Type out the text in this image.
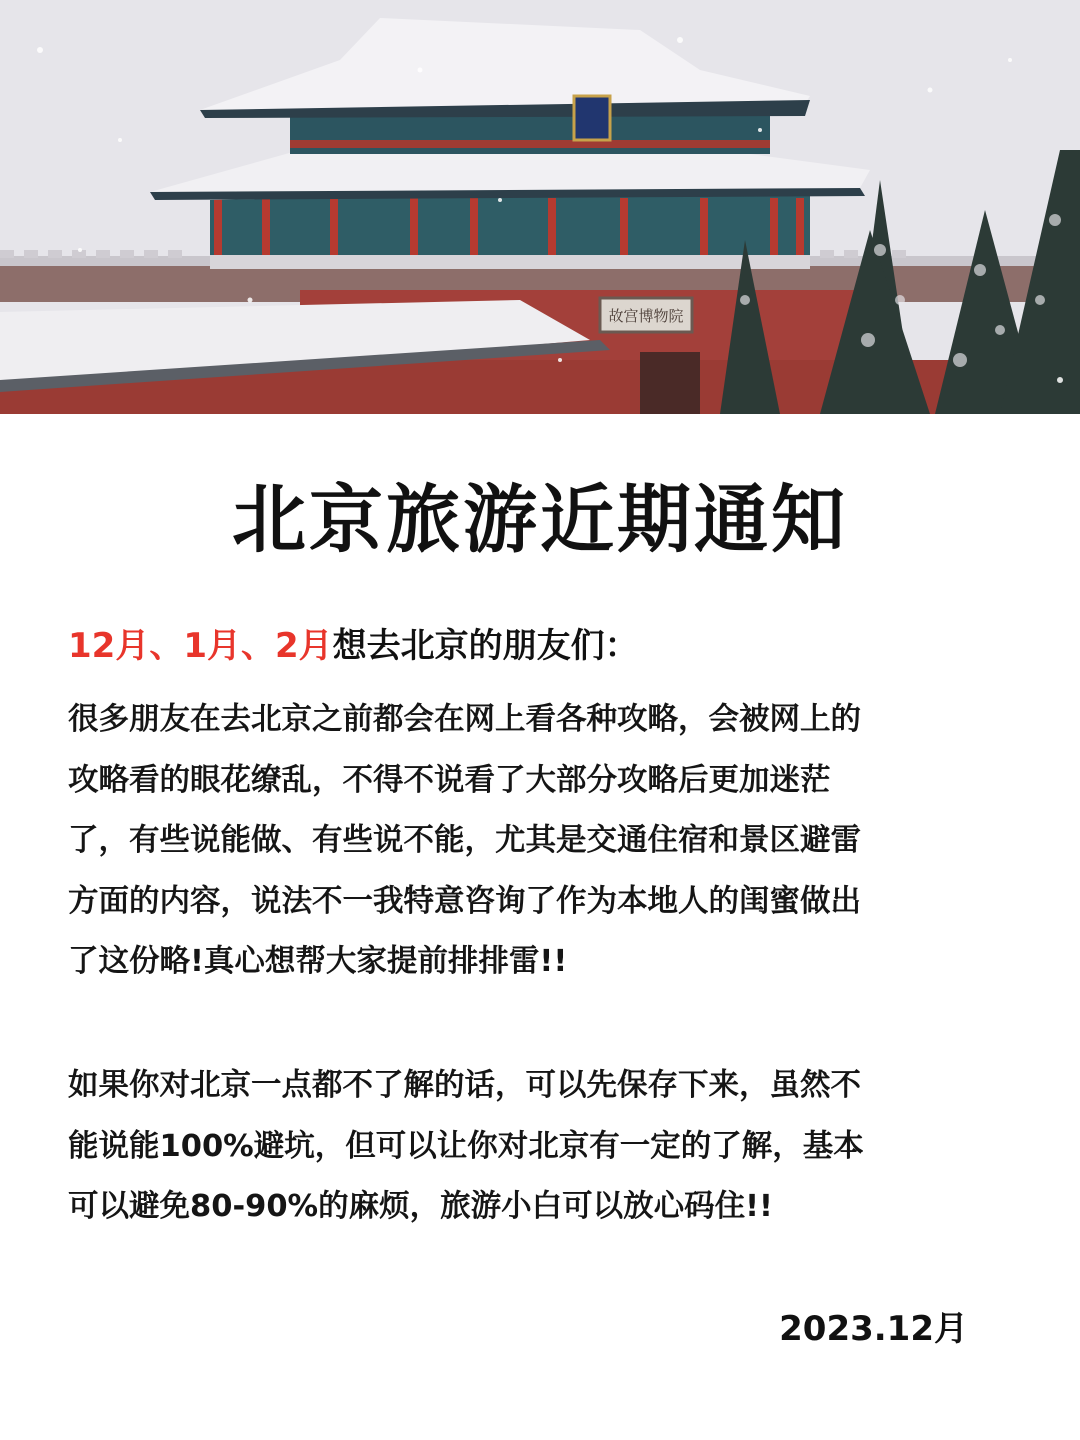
故宫博物院
北京旅游近期通知
12月、1月、2月想去北京的朋友们：
很多朋友在去北京之前都会在网上看各种攻略，会被网上的
攻略看的眼花缭乱，不得不说看了大部分攻略后更加迷茫
了，有些说能做、有些说不能，尤其是交通住宿和景区避雷
方面的内容，说法不一我特意咨询了作为本地人的闺蜜做出
了这份略!真心想帮大家提前排排雷!!
如果你对北京一点都不了解的话，可以先保存下来，虽然不
能说能100%避坑，但可以让你对北京有一定的了解，基本
可以避免80-90%的麻烦，旅游小白可以放心码住!!
2023.12月
